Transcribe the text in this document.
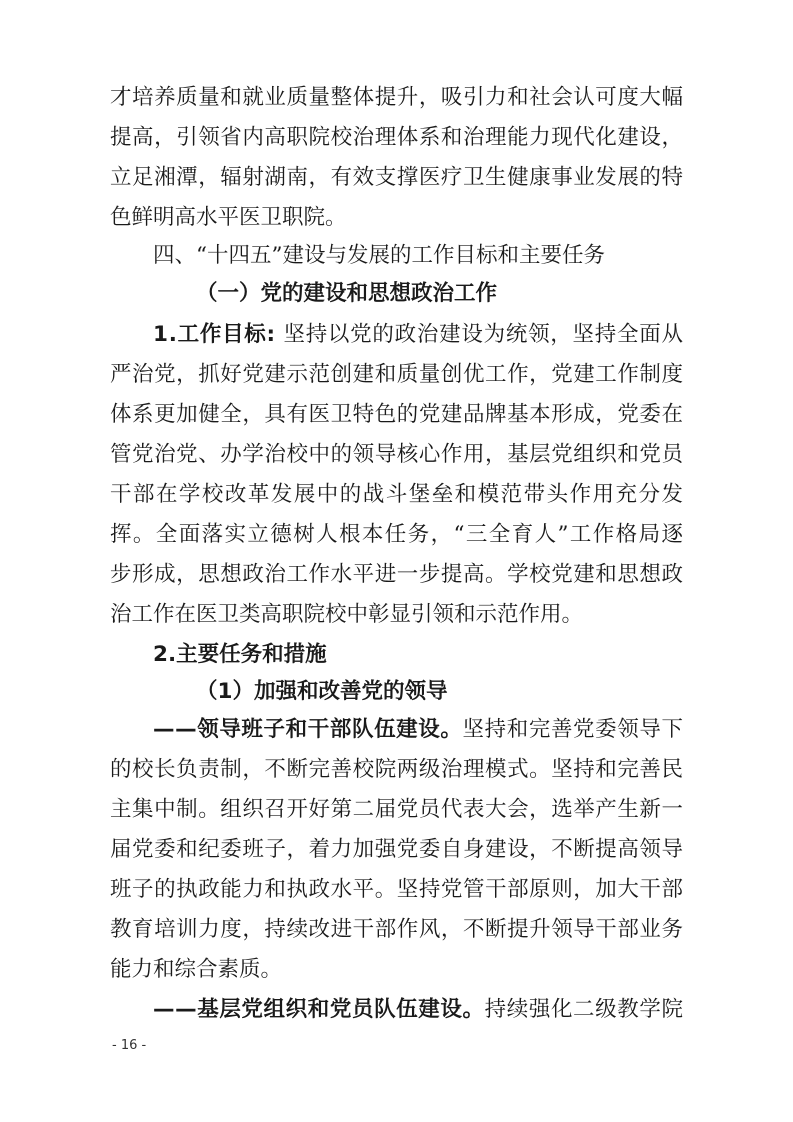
才培养质量和就业质量整体提升，吸引力和社会认可度大幅
提高，引领省内高职院校治理体系和治理能力现代化建设，
立足湘潭，辐射湖南，有效支撑医疗卫生健康事业发展的特
色鲜明高水平医卫职院。
四、“十四五”建设与发展的工作目标和主要任务
（一）党的建设和思想政治工作
1.工作目标: 坚持以党的政治建设为统领，坚持全面从
严治党，抓好党建示范创建和质量创优工作，党建工作制度
体系更加健全，具有医卫特色的党建品牌基本形成，党委在
管党治党、办学治校中的领导核心作用，基层党组织和党员
干部在学校改革发展中的战斗堡垒和模范带头作用充分发
挥。全面落实立德树人根本任务，“三全育人”工作格局逐
步形成，思想政治工作水平进一步提高。学校党建和思想政
治工作在医卫类高职院校中彰显引领和示范作用。
2.主要任务和措施
（1）加强和改善党的领导
——领导班子和干部队伍建设。坚持和完善党委领导下
的校长负责制，不断完善校院两级治理模式。坚持和完善民
主集中制。组织召开好第二届党员代表大会，选举产生新一
届党委和纪委班子，着力加强党委自身建设，不断提高领导
班子的执政能力和执政水平。坚持党管干部原则，加大干部
教育培训力度，持续改进干部作风，不断提升领导干部业务
能力和综合素质。
——基层党组织和党员队伍建设。持续强化二级教学院
- 16 -
